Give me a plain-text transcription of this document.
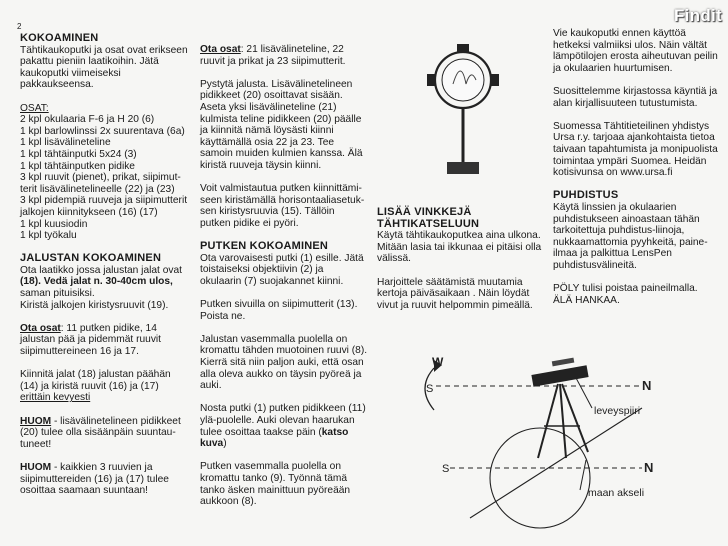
2
Findit

KOKOAMINEN

Tähtikaukoputki ja osat ovat erikseen

pakattu pieniin laatikoihin. Jätä

kaukoputki viimeiseksi

pakkaukseensa.

OSAT:

2 kpl okulaaria F-6 ja H 20 (6)

1 kpl barlowlinssi 2x suurentava (6a)

1 kpl lisävälineteline

1 kpl tähtäinputki 5x24 (3)

1 kpl tähtäinputken pidike

3 kpl ruuvit (pienet), prikat, siipimut-

terit lisävälinetelineelle (22) ja (23)

3 kpl pidempiä ruuveja ja siipimutterit

jalkojen kiinnitykseen (16) (17)

1 kpl kuusiodin

1 kpl työkalu

JALUSTAN KOKOAMINEN

Ota laatikko jossa jalustan jalat ovat

(18). Vedä jalat n. 30-40cm ulos,

saman pituisiksi.

Kiristä jalkojen kiristysruuvit (19).

Ota osat: 11 putken pidike, 14

jalustan pää ja pidemmät ruuvit

siipimuttereineen 16 ja 17.

Kiinnitä jalat (18) jalustan päähän

(14) ja kiristä ruuvit (16) ja (17)

erittäin kevyesti

HUOM - lisävälinetelineen pidikkeet

(20) tulee olla sisäänpäin suuntau-

tuneet!

HUOM - kaikkien 3 ruuvien ja

siipimuttereiden (16) ja (17) tulee

osoittaa saamaan suuntaan!

Ota osat: 21 lisävälineteline, 22

ruuvit ja prikat ja 23 siipimutterit.

Pystytä jalusta. Lisävälinetelineen

pidikkeet (20) osoittavat sisään.

Aseta yksi lisävälineteline (21)

kulmista teline pidikkeen (20) päälle

ja kiinnitä nämä löysästi kiinni

käyttämällä osia 22 ja 23. Tee

samoin muiden kulmien kanssa. Älä

kiristä ruuveja täysin kiinni.

Voit valmistautua putken kiinnittämi-

seen kiristämällä horisontaaliasetuk-

sen kiristysruuvia (15). Tällöin

putken pidike ei pyöri.

PUTKEN KOKOAMINEN

Ota varovaisesti putki (1) esille. Jätä

toistaiseksi objektiivin (2) ja

okulaarin (7) suojakannet kiinni.

Putken sivuilla on siipimutterit (13).

Poista ne.

Jalustan vasemmalla puolella on

kromattu tähden muotoinen ruuvi (8).

Kierrä sitä niin paljon auki, että osan

alla oleva aukko on täysin pyöreä ja

auki.

Nosta putki (1) putken pidikkeen (11)

ylä-puolelle. Auki olevan haarukan

tulee osoittaa taakse päin (katso kuva)

Putken vasemmalla puolella on

kromattu tanko (9). Työnnä tämä

tanko äsken mainittuun pyöreään

aukkoon (8).

LISÄÄ VINKKEJÄ

TÄHTIKATSELUUN

Käytä tähtikaukoputkea aina ulkona.

Mitään lasia tai ikkunaa ei pitäisi olla

välissä.

Harjoittele säätämistä muutamia

kertoja päiväsaikaan . Näin löydät

vivut ja ruuvit helpommin pimeällä.

Vie kaukoputki ennen käyttöä

hetkeksi valmiiksi ulos. Näin vältät

lämpötilojen erosta aiheutuvan peilin

ja okulaarien huurtumisen.

Suosittelemme kirjastossa käyntiä ja

alan kirjallisuuteen tutustumista.

Suomessa Tähtitieteilinen yhdistys

Ursa r.y. tarjoaa ajankohtaista tietoa

taivaan tapahtumista ja monipuolista

toimintaa ympäri Suomea. Heidän

kotisivunsa on www.ursa.fi

PUHDISTUS

Käytä linssien ja okulaarien

puhdistukseen ainoastaan tähän

tarkoitettuja puhdistus-liinoja,

nukkaamattomia pyyhkeitä, paine-

ilmaa ja palkittua LensPen

puhdistusvälineitä.

PÖLY tulisi poistaa paineilmalla.

ÄLÄ HANKAA.

W
S	N
leveyspiiri
S	N
maan akseli
